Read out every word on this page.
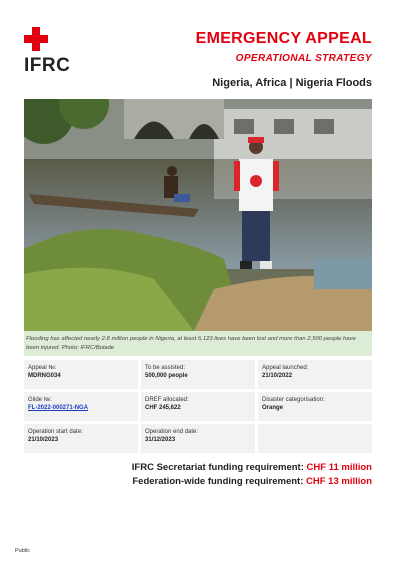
IFRC
EMERGENCY APPEAL
OPERATIONAL STRATEGY
Nigeria, Africa | Nigeria Floods
Flooding has affected nearly 2.8 million people in Nigeria, at least 6,123 lives have been lost and more than 2,500 people have been injured. Photo: IFRC/Bolade
Appeal №:
MDRNG034
To be assisted:
500,000 people
Appeal launched:
21/10/2022
Glide №:
FL-2022-000271-NGA
DREF allocated:
CHF 245,622
Disaster categorisation:
Orange
Operation start date:
21/10/2023
Operation end date:
31/12/2023
IFRC Secretariat funding requirement: CHF 11 million
Federation-wide funding requirement: CHF 13 million
Public
